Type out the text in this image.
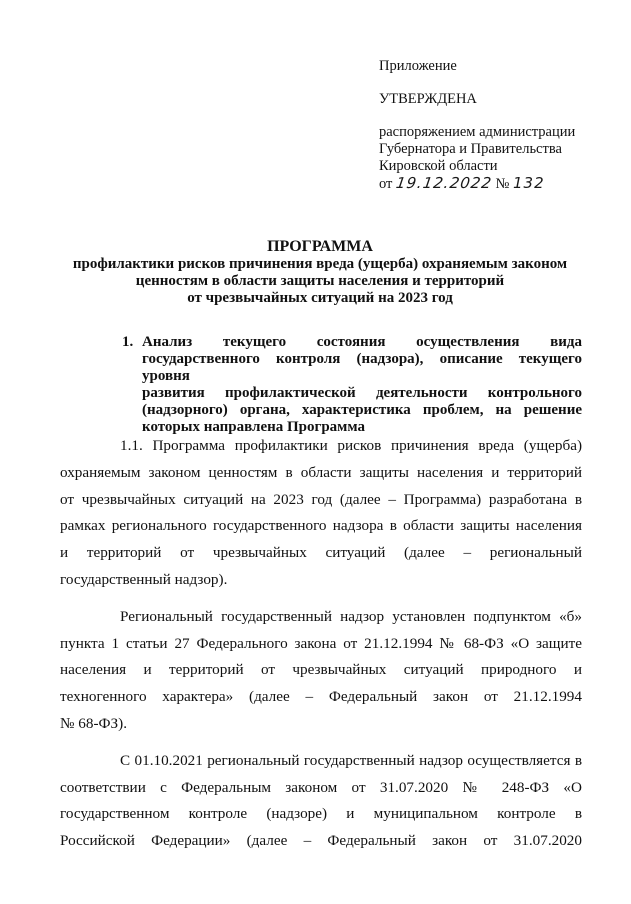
Приложение
УТВЕРЖДЕНА
распоряжением администрации
Губернатора и Правительства
Кировской области
от 19.12.2022 № 132
ПРОГРАММА
профилактики рисков причинения вреда (ущерба) охраняемым законом
ценностям в области защиты населения и территорий
от чрезвычайных ситуаций на 2023 год
1. Анализ текущего состояния осуществления вида
государственного контроля (надзора), описание текущего уровня
развития профилактической деятельности контрольного
(надзорного) органа, характеристика проблем, на решение
которых направлена Программа
1.1. Программа профилактики рисков причинения вреда (ущерба)
охраняемым законом ценностям в области защиты населения и территорий
от чрезвычайных ситуаций на 2023 год (далее – Программа) разработана в
рамках регионального государственного надзора в области защиты населения
и территорий от чрезвычайных ситуаций (далее – региональный
государственный надзор).
Региональный государственный надзор установлен подпунктом «б»
пункта 1 статьи 27 Федерального закона от 21.12.1994 № 68-ФЗ «О защите
населения и территорий от чрезвычайных ситуаций природного и
техногенного характера» (далее – Федеральный закон от 21.12.1994
№ 68-ФЗ).
С 01.10.2021 региональный государственный надзор осуществляется в
соответствии с Федеральным законом от 31.07.2020 № 248-ФЗ «О
государственном контроле (надзоре) и муниципальном контроле в
Российской Федерации» (далее – Федеральный закон от 31.07.2020
